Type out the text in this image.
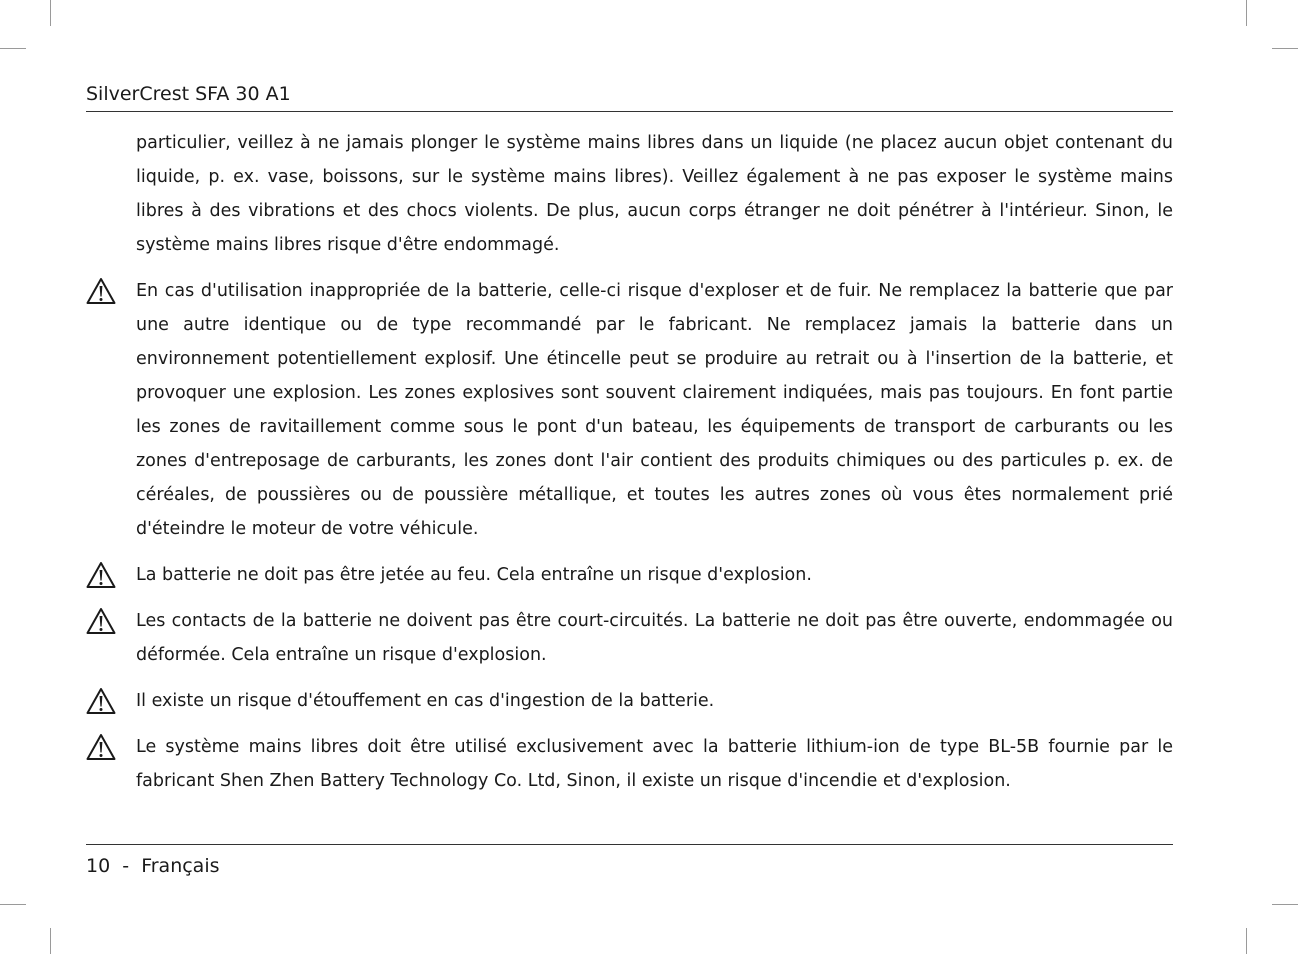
SilverCrest SFA 30 A1

particulier, veillez à ne jamais plonger le système mains libres dans un liquide (ne placez aucun objet contenant du liquide, p. ex. vase, boissons, sur le système mains libres). Veillez également à ne pas exposer le système mains libres à des vibrations et des chocs violents. De plus, aucun corps étranger ne doit pénétrer à l'intérieur. Sinon, le système mains libres risque d'être endommagé.

En cas d'utilisation inappropriée de la batterie, celle-ci risque d'exploser et de fuir. Ne remplacez la batterie que par une autre identique ou de type recommandé par le fabricant. Ne remplacez jamais la batterie dans un environnement potentiellement explosif. Une étincelle peut se produire au retrait ou à l'insertion de la batterie, et provoquer une explosion. Les zones explosives sont souvent clairement indiquées, mais pas toujours. En font partie les zones de ravitaillement comme sous le pont d'un bateau, les équipements de transport de carburants ou les zones d'entreposage de carburants, les zones dont l'air contient des produits chimiques ou des particules p. ex. de céréales, de poussières ou de poussière métallique, et toutes les autres zones où vous êtes normalement prié d'éteindre le moteur de votre véhicule.

La batterie ne doit pas être jetée au feu. Cela entraîne un risque d'explosion.

Les contacts de la batterie ne doivent pas être court-circuités. La batterie ne doit pas être ouverte, endommagée ou déformée. Cela entraîne un risque d'explosion.

Il existe un risque d'étouffement en cas d'ingestion de la batterie.

Le système mains libres doit être utilisé exclusivement avec la batterie lithium-ion de type BL-5B fournie par le fabricant Shen Zhen Battery Technology Co. Ltd, Sinon, il existe un risque d'incendie et d'explosion.

10  -  Français
